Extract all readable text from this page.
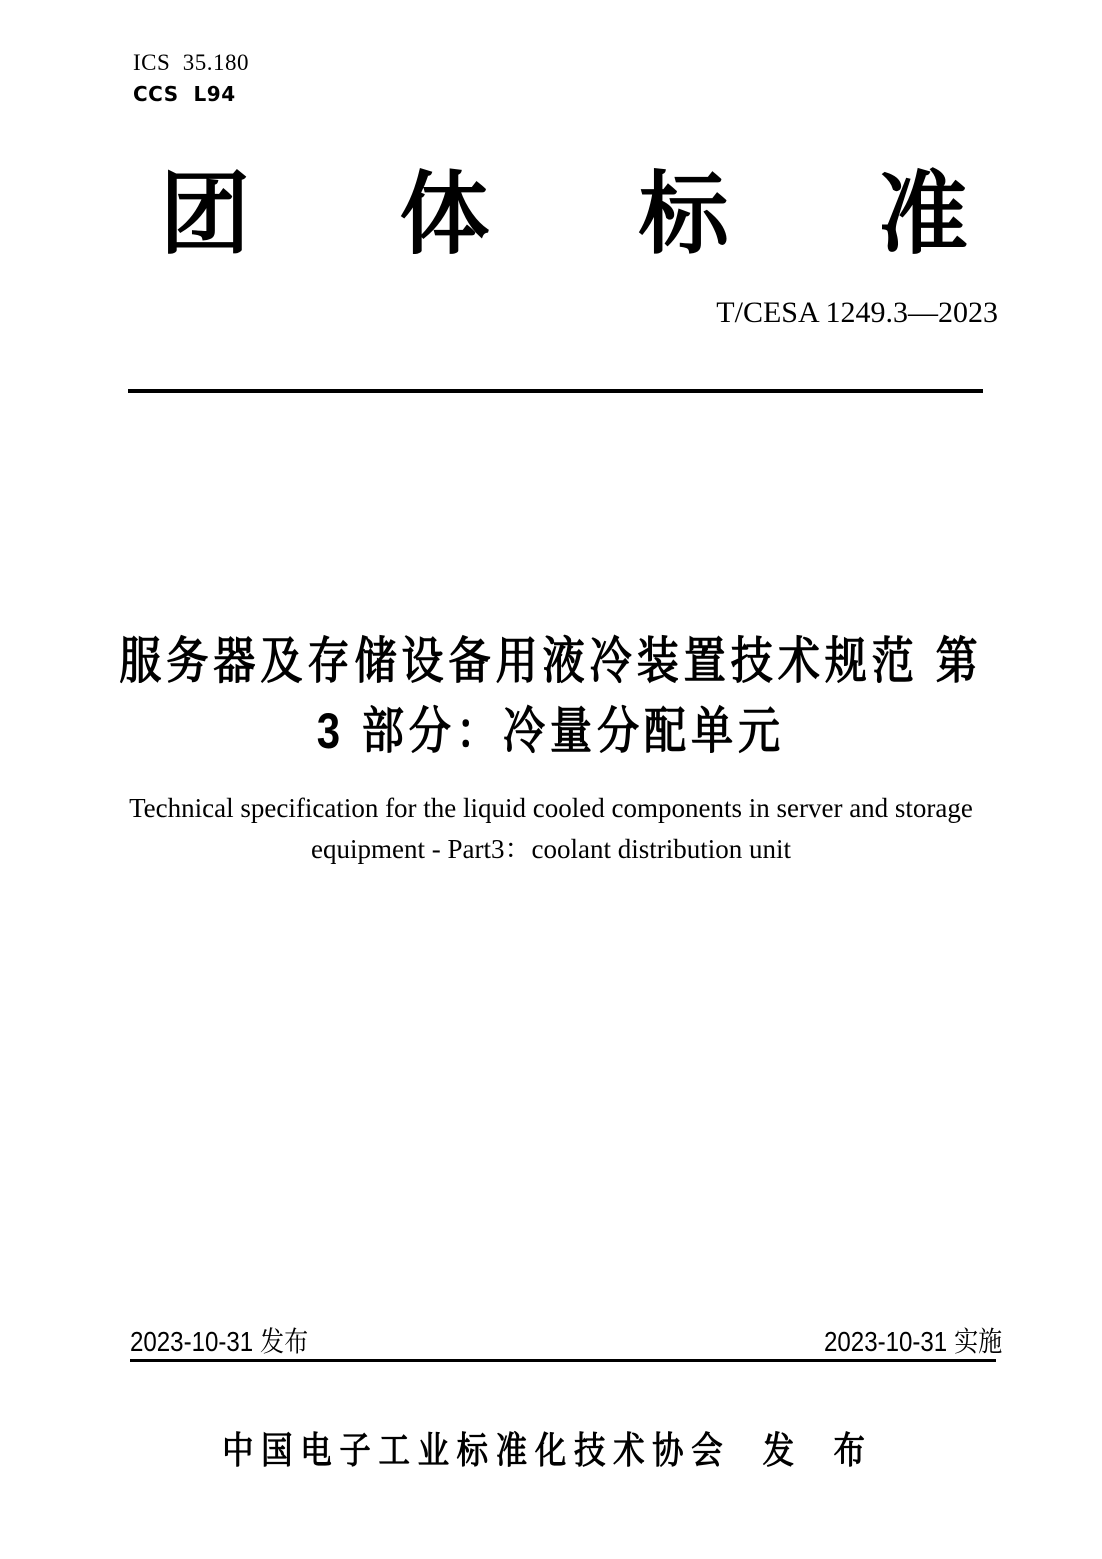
ICS  35.180
CCS  L94
团 体 标 准
T/CESA 1249.3—2023
服务器及存储设备用液冷装置技术规范 第
3 部分：冷量分配单元
Technical specification for the liquid cooled components in server and storage
equipment - Part3：coolant distribution unit
2023-10-31 发布	2023-10-31 实施
中国电子工业标准化技术协会 发 布
